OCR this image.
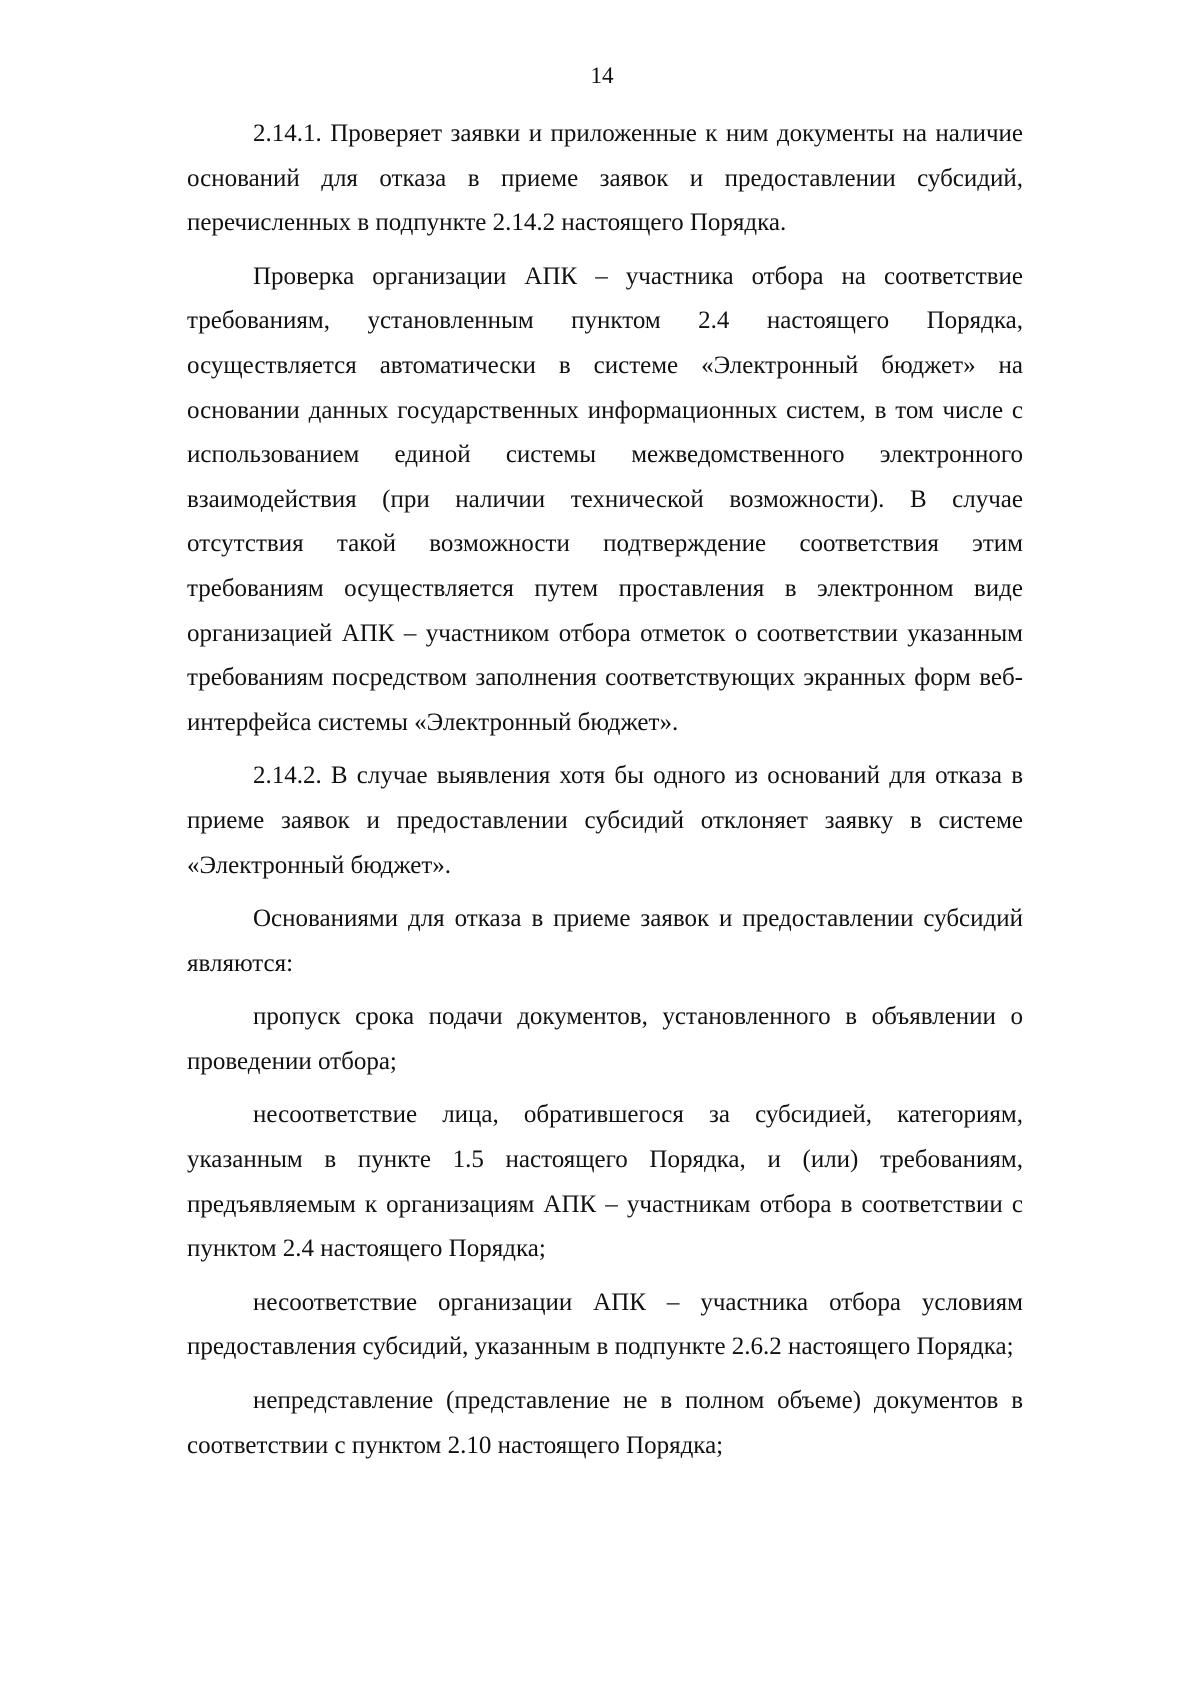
14

2.14.1. Проверяет заявки и приложенные к ним документы на наличие оснований для отказа в приеме заявок и предоставлении субсидий, перечисленных в подпункте 2.14.2 настоящего Порядка.

Проверка организации АПК – участника отбора на соответствие требованиям, установленным пунктом 2.4 настоящего Порядка, осуществляется автоматически в системе «Электронный бюджет» на основании данных государственных информационных систем, в том числе с использованием единой системы межведомственного электронного взаимодействия (при наличии технической возможности). В случае отсутствия такой возможности подтверждение соответствия этим требованиям осуществляется путем проставления в электронном виде организацией АПК – участником отбора отметок о соответствии указанным требованиям посредством заполнения соответствующих экранных форм веб-интерфейса системы «Электронный бюджет».

2.14.2. В случае выявления хотя бы одного из оснований для отказа в приеме заявок и предоставлении субсидий отклоняет заявку в системе «Электронный бюджет».

Основаниями для отказа в приеме заявок и предоставлении субсидий являются:

пропуск срока подачи документов, установленного в объявлении о проведении отбора;

несоответствие лица, обратившегося за субсидией, категориям, указанным в пункте 1.5 настоящего Порядка, и (или) требованиям, предъявляемым к организациям АПК – участникам отбора в соответствии с пунктом 2.4 настоящего Порядка;

несоответствие организации АПК – участника отбора условиям предоставления субсидий, указанным в подпункте 2.6.2 настоящего Порядка;

непредставление (представление не в полном объеме) документов в соответствии с пунктом 2.10 настоящего Порядка;
